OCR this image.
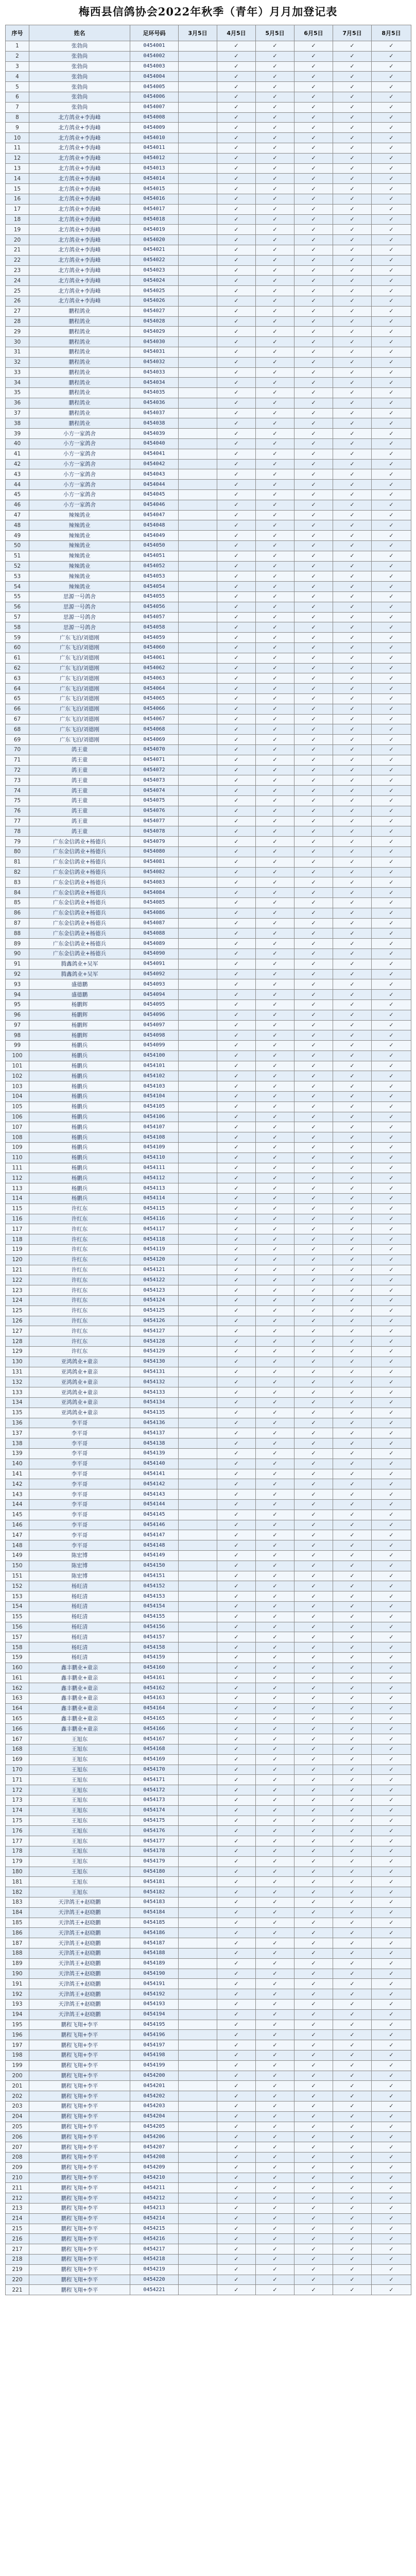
梅西县信鸽协会2022年秋季（青年）月月加登记表
序号	姓名	足环号码	3月5日	4月5日	5月5日	6月5日	7月5日	8月5日
1	张勃尚	0454001		✓	✓	✓	✓	✓
2	张勃尚	0454002		✓	✓	✓	✓	✓
3	张勃尚	0454003		✓	✓	✓	✓	✓
4	张勃尚	0454004		✓	✓	✓	✓	✓
5	张勃尚	0454005		✓	✓	✓	✓	✓
6	张勃尚	0454006		✓	✓	✓	✓	✓
7	张勃尚	0454007		✓	✓	✓	✓	✓
8	北方鸽业+李海峰	0454008		✓	✓	✓	✓	✓
9	北方鸽业+李海峰	0454009		✓	✓	✓	✓	✓
10	北方鸽业+李海峰	0454010		✓	✓	✓	✓	✓
11	北方鸽业+李海峰	0454011		✓	✓	✓	✓	✓
12	北方鸽业+李海峰	0454012		✓	✓	✓	✓	✓
13	北方鸽业+李海峰	0454013		✓	✓	✓	✓	✓
14	北方鸽业+李海峰	0454014		✓	✓	✓	✓	✓
15	北方鸽业+李海峰	0454015		✓	✓	✓	✓	✓
16	北方鸽业+李海峰	0454016		✓	✓	✓	✓	✓
17	北方鸽业+李海峰	0454017		✓	✓	✓	✓	✓
18	北方鸽业+李海峰	0454018		✓	✓	✓	✓	✓
19	北方鸽业+李海峰	0454019		✓	✓	✓	✓	✓
20	北方鸽业+李海峰	0454020		✓	✓	✓	✓	✓
21	北方鸽业+李海峰	0454021		✓	✓	✓	✓	✓
22	北方鸽业+李海峰	0454022		✓	✓	✓	✓	✓
23	北方鸽业+李海峰	0454023		✓	✓	✓	✓	✓
24	北方鸽业+李海峰	0454024		✓	✓	✓	✓	✓
25	北方鸽业+李海峰	0454025		✓	✓	✓	✓	✓
26	北方鸽业+李海峰	0454026		✓	✓	✓	✓	✓
27	鹏程鸽业	0454027		✓	✓	✓	✓	✓
28	鹏程鸽业	0454028		✓	✓	✓	✓	✓
29	鹏程鸽业	0454029		✓	✓	✓	✓	✓
30	鹏程鸽业	0454030		✓	✓	✓	✓	✓
31	鹏程鸽业	0454031		✓	✓	✓	✓	✓
32	鹏程鸽业	0454032		✓	✓	✓	✓	✓
33	鹏程鸽业	0454033		✓	✓	✓	✓	✓
34	鹏程鸽业	0454034		✓	✓	✓	✓	✓
35	鹏程鸽业	0454035		✓	✓	✓	✓	✓
36	鹏程鸽业	0454036		✓	✓	✓	✓	✓
37	鹏程鸽业	0454037		✓	✓	✓	✓	✓
38	鹏程鸽业	0454038		✓	✓	✓	✓	✓
39	小方一家鸽舍	0454039		✓	✓	✓	✓	✓
40	小方一家鸽舍	0454040		✓	✓	✓	✓	✓
41	小方一家鸽舍	0454041		✓	✓	✓	✓	✓
42	小方一家鸽舍	0454042		✓	✓	✓	✓	✓
43	小方一家鸽舍	0454043		✓	✓	✓	✓	✓
44	小方一家鸽舍	0454044		✓	✓	✓	✓	✓
45	小方一家鸽舍	0454045		✓	✓	✓	✓	✓
46	小方一家鸽舍	0454046		✓	✓	✓	✓	✓
47	辣辣鸽业	0454047		✓	✓	✓	✓	✓
48	辣辣鸽业	0454048		✓	✓	✓	✓	✓
49	辣辣鸽业	0454049		✓	✓	✓	✓	✓
50	辣辣鸽业	0454050		✓	✓	✓	✓	✓
51	辣辣鸽业	0454051		✓	✓	✓	✓	✓
52	辣辣鸽业	0454052		✓	✓	✓	✓	✓
53	辣辣鸽业	0454053		✓	✓	✓	✓	✓
54	辣辣鸽业	0454054		✓	✓	✓	✓	✓
55	思源一号鸽舍	0454055		✓	✓	✓	✓	✓
56	思源一号鸽舍	0454056		✓	✓	✓	✓	✓
57	思源一号鸽舍	0454057		✓	✓	✓	✓	✓
58	思源一号鸽舍	0454058		✓	✓	✓	✓	✓
59	广东飞泊/刘德刚	0454059		✓	✓	✓	✓	✓
60	广东飞泊/刘德刚	0454060		✓	✓	✓	✓	✓
61	广东飞泊/刘德刚	0454061		✓	✓	✓	✓	✓
62	广东飞泊/刘德刚	0454062		✓	✓	✓	✓	✓
63	广东飞泊/刘德刚	0454063		✓	✓	✓	✓	✓
64	广东飞泊/刘德刚	0454064		✓	✓	✓	✓	✓
65	广东飞泊/刘德刚	0454065		✓	✓	✓	✓	✓
66	广东飞泊/刘德刚	0454066		✓	✓	✓	✓	✓
67	广东飞泊/刘德刚	0454067		✓	✓	✓	✓	✓
68	广东飞泊/刘德刚	0454068		✓	✓	✓	✓	✓
69	广东飞泊/刘德刚	0454069		✓	✓	✓	✓	✓
70	鸽王童	0454070		✓	✓	✓	✓	✓
71	鸽王童	0454071		✓	✓	✓	✓	✓
72	鸽王童	0454072		✓	✓	✓	✓	✓
73	鸽王童	0454073		✓	✓	✓	✓	✓
74	鸽王童	0454074		✓	✓	✓	✓	✓
75	鸽王童	0454075		✓	✓	✓	✓	✓
76	鸽王童	0454076		✓	✓	✓	✓	✓
77	鸽王童	0454077		✓	✓	✓	✓	✓
78	鸽王童	0454078		✓	✓	✓	✓	✓
79	广东金信鸽业+杨德兵	0454079		✓	✓	✓	✓	✓
80	广东金信鸽业+杨德兵	0454080		✓	✓	✓	✓	✓
81	广东金信鸽业+杨德兵	0454081		✓	✓	✓	✓	✓
82	广东金信鸽业+杨德兵	0454082		✓	✓	✓	✓	✓
83	广东金信鸽业+杨德兵	0454083		✓	✓	✓	✓	✓
84	广东金信鸽业+杨德兵	0454084		✓	✓	✓	✓	✓
85	广东金信鸽业+杨德兵	0454085		✓	✓	✓	✓	✓
86	广东金信鸽业+杨德兵	0454086		✓	✓	✓	✓	✓
87	广东金信鸽业+杨德兵	0454087		✓	✓	✓	✓	✓
88	广东金信鸽业+杨德兵	0454088		✓	✓	✓	✓	✓
89	广东金信鸽业+杨德兵	0454089		✓	✓	✓	✓	✓
90	广东金信鸽业+杨德兵	0454090		✓	✓	✓	✓	✓
91	腾鑫鸽业+吴军	0454091		✓	✓	✓	✓	✓
92	腾鑫鸽业+吴军	0454092		✓	✓	✓	✓	✓
93	盛德鹏	0454093		✓	✓	✓	✓	✓
94	盛德鹏	0454094		✓	✓	✓	✓	✓
95	杨鹏辉	0454095		✓	✓	✓	✓	✓
96	杨鹏辉	0454096		✓	✓	✓	✓	✓
97	杨鹏辉	0454097		✓	✓	✓	✓	✓
98	杨鹏辉	0454098		✓	✓	✓	✓	✓
99	杨鹏兵	0454099		✓	✓	✓	✓	✓
100	杨鹏兵	0454100		✓	✓	✓	✓	✓
101	杨鹏兵	0454101		✓	✓	✓	✓	✓
102	杨鹏兵	0454102		✓	✓	✓	✓	✓
103	杨鹏兵	0454103		✓	✓	✓	✓	✓
104	杨鹏兵	0454104		✓	✓	✓	✓	✓
105	杨鹏兵	0454105		✓	✓	✓	✓	✓
106	杨鹏兵	0454106		✓	✓	✓	✓	✓
107	杨鹏兵	0454107		✓	✓	✓	✓	✓
108	杨鹏兵	0454108		✓	✓	✓	✓	✓
109	杨鹏兵	0454109		✓	✓	✓	✓	✓
110	杨鹏兵	0454110		✓	✓	✓	✓	✓
111	杨鹏兵	0454111		✓	✓	✓	✓	✓
112	杨鹏兵	0454112		✓	✓	✓	✓	✓
113	杨鹏兵	0454113		✓	✓	✓	✓	✓
114	杨鹏兵	0454114		✓	✓	✓	✓	✓
115	许红东	0454115		✓	✓	✓	✓	✓
116	许红东	0454116		✓	✓	✓	✓	✓
117	许红东	0454117		✓	✓	✓	✓	✓
118	许红东	0454118		✓	✓	✓	✓	✓
119	许红东	0454119		✓	✓	✓	✓	✓
120	许红东	0454120		✓	✓	✓	✓	✓
121	许红东	0454121		✓	✓	✓	✓	✓
122	许红东	0454122		✓	✓	✓	✓	✓
123	许红东	0454123		✓	✓	✓	✓	✓
124	许红东	0454124		✓	✓	✓	✓	✓
125	许红东	0454125		✓	✓	✓	✓	✓
126	许红东	0454126		✓	✓	✓	✓	✓
127	许红东	0454127		✓	✓	✓	✓	✓
128	许红东	0454128		✓	✓	✓	✓	✓
129	许红东	0454129		✓	✓	✓	✓	✓
130	亚鸿鸽业+童亲	0454130		✓	✓	✓	✓	✓
131	亚鸿鸽业+童亲	0454131		✓	✓	✓	✓	✓
132	亚鸿鸽业+童亲	0454132		✓	✓	✓	✓	✓
133	亚鸿鸽业+童亲	0454133		✓	✓	✓	✓	✓
134	亚鸿鸽业+童亲	0454134		✓	✓	✓	✓	✓
135	亚鸿鸽业+童亲	0454135		✓	✓	✓	✓	✓
136	李平哥	0454136		✓	✓	✓	✓	✓
137	李平哥	0454137		✓	✓	✓	✓	✓
138	李平哥	0454138		✓	✓	✓	✓	✓
139	李平哥	0454139		✓	✓	✓	✓	✓
140	李平哥	0454140		✓	✓	✓	✓	✓
141	李平哥	0454141		✓	✓	✓	✓	✓
142	李平哥	0454142		✓	✓	✓	✓	✓
143	李平哥	0454143		✓	✓	✓	✓	✓
144	李平哥	0454144		✓	✓	✓	✓	✓
145	李平哥	0454145		✓	✓	✓	✓	✓
146	李平哥	0454146		✓	✓	✓	✓	✓
147	李平哥	0454147		✓	✓	✓	✓	✓
148	李平哥	0454148		✓	✓	✓	✓	✓
149	陈宏博	0454149		✓	✓	✓	✓	✓
150	陈宏博	0454150		✓	✓	✓	✓	✓
151	陈宏博	0454151		✓	✓	✓	✓	✓
152	杨旺清	0454152		✓	✓	✓	✓	✓
153	杨旺清	0454153		✓	✓	✓	✓	✓
154	杨旺清	0454154		✓	✓	✓	✓	✓
155	杨旺清	0454155		✓	✓	✓	✓	✓
156	杨旺清	0454156		✓	✓	✓	✓	✓
157	杨旺清	0454157		✓	✓	✓	✓	✓
158	杨旺清	0454158		✓	✓	✓	✓	✓
159	杨旺清	0454159		✓	✓	✓	✓	✓
160	鑫丰鹏业+童亲	0454160		✓	✓	✓	✓	✓
161	鑫丰鹏业+童亲	0454161		✓	✓	✓	✓	✓
162	鑫丰鹏业+童亲	0454162		✓	✓	✓	✓	✓
163	鑫丰鹏业+童亲	0454163		✓	✓	✓	✓	✓
164	鑫丰鹏业+童亲	0454164		✓	✓	✓	✓	✓
165	鑫丰鹏业+童亲	0454165		✓	✓	✓	✓	✓
166	鑫丰鹏业+童亲	0454166		✓	✓	✓	✓	✓
167	王旭东	0454167		✓	✓	✓	✓	✓
168	王旭东	0454168		✓	✓	✓	✓	✓
169	王旭东	0454169		✓	✓	✓	✓	✓
170	王旭东	0454170		✓	✓	✓	✓	✓
171	王旭东	0454171		✓	✓	✓	✓	✓
172	王旭东	0454172		✓	✓	✓	✓	✓
173	王旭东	0454173		✓	✓	✓	✓	✓
174	王旭东	0454174		✓	✓	✓	✓	✓
175	王旭东	0454175		✓	✓	✓	✓	✓
176	王旭东	0454176		✓	✓	✓	✓	✓
177	王旭东	0454177		✓	✓	✓	✓	✓
178	王旭东	0454178		✓	✓	✓	✓	✓
179	王旭东	0454179		✓	✓	✓	✓	✓
180	王旭东	0454180		✓	✓	✓	✓	✓
181	王旭东	0454181		✓	✓	✓	✓	✓
182	王旭东	0454182		✓	✓	✓	✓	✓
183	天津鸽王+赵晓鹏	0454183		✓	✓	✓	✓	✓
184	天津鸽王+赵晓鹏	0454184		✓	✓	✓	✓	✓
185	天津鸽王+赵晓鹏	0454185		✓	✓	✓	✓	✓
186	天津鸽王+赵晓鹏	0454186		✓	✓	✓	✓	✓
187	天津鸽王+赵晓鹏	0454187		✓	✓	✓	✓	✓
188	天津鸽王+赵晓鹏	0454188		✓	✓	✓	✓	✓
189	天津鸽王+赵晓鹏	0454189		✓	✓	✓	✓	✓
190	天津鸽王+赵晓鹏	0454190		✓	✓	✓	✓	✓
191	天津鸽王+赵晓鹏	0454191		✓	✓	✓	✓	✓
192	天津鸽王+赵晓鹏	0454192		✓	✓	✓	✓	✓
193	天津鸽王+赵晓鹏	0454193		✓	✓	✓	✓	✓
194	天津鸽王+赵晓鹏	0454194		✓	✓	✓	✓	✓
195	鹏程飞翔+李平	0454195		✓	✓	✓	✓	✓
196	鹏程飞翔+李平	0454196		✓	✓	✓	✓	✓
197	鹏程飞翔+李平	0454197		✓	✓	✓	✓	✓
198	鹏程飞翔+李平	0454198		✓	✓	✓	✓	✓
199	鹏程飞翔+李平	0454199		✓	✓	✓	✓	✓
200	鹏程飞翔+李平	0454200		✓	✓	✓	✓	✓
201	鹏程飞翔+李平	0454201		✓	✓	✓	✓	✓
202	鹏程飞翔+李平	0454202		✓	✓	✓	✓	✓
203	鹏程飞翔+李平	0454203		✓	✓	✓	✓	✓
204	鹏程飞翔+李平	0454204		✓	✓	✓	✓	✓
205	鹏程飞翔+李平	0454205		✓	✓	✓	✓	✓
206	鹏程飞翔+李平	0454206		✓	✓	✓	✓	✓
207	鹏程飞翔+李平	0454207		✓	✓	✓	✓	✓
208	鹏程飞翔+李平	0454208		✓	✓	✓	✓	✓
209	鹏程飞翔+李平	0454209		✓	✓	✓	✓	✓
210	鹏程飞翔+李平	0454210		✓	✓	✓	✓	✓
211	鹏程飞翔+李平	0454211		✓	✓	✓	✓	✓
212	鹏程飞翔+李平	0454212		✓	✓	✓	✓	✓
213	鹏程飞翔+李平	0454213		✓	✓	✓	✓	✓
214	鹏程飞翔+李平	0454214		✓	✓	✓	✓	✓
215	鹏程飞翔+李平	0454215		✓	✓	✓	✓	✓
216	鹏程飞翔+李平	0454216		✓	✓	✓	✓	✓
217	鹏程飞翔+李平	0454217		✓	✓	✓	✓	✓
218	鹏程飞翔+李平	0454218		✓	✓	✓	✓	✓
219	鹏程飞翔+李平	0454219		✓	✓	✓	✓	✓
220	鹏程飞翔+李平	0454220		✓	✓	✓	✓	✓
221	鹏程飞翔+李平	0454221		✓	✓	✓	✓	✓
